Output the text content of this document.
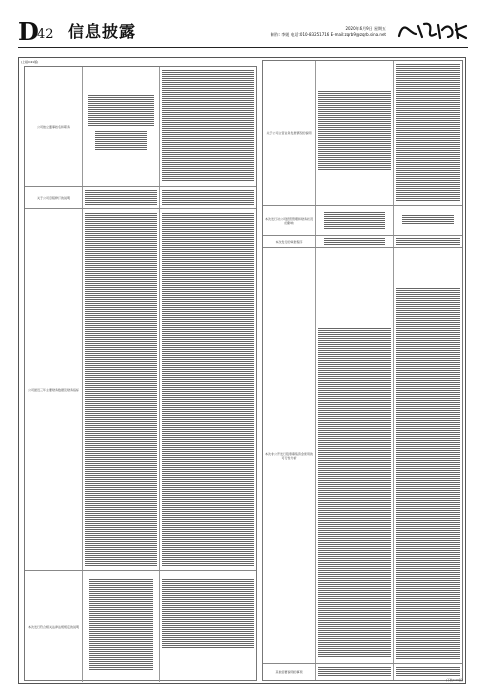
D
42 信息披露	2020年6月9日 星期五
制作: 李媛 电话:010-83251716 E-mail:zqrb9@zqrb.sina.net
(上接C41版)
公司独立董事姓名和职务
关于公司章程修订的说明
公司最近三年主要财务数据及财务指标
本次发行符合相关法律法规规定的说明
关于公司主营业务发展情况的说明
本次发行对公司经营管理和财务状况的影响
本次发行的审批程序
本次非公开发行股票募集资金使用的可行性分析
其他需要说明的事项
(下转C43版)
